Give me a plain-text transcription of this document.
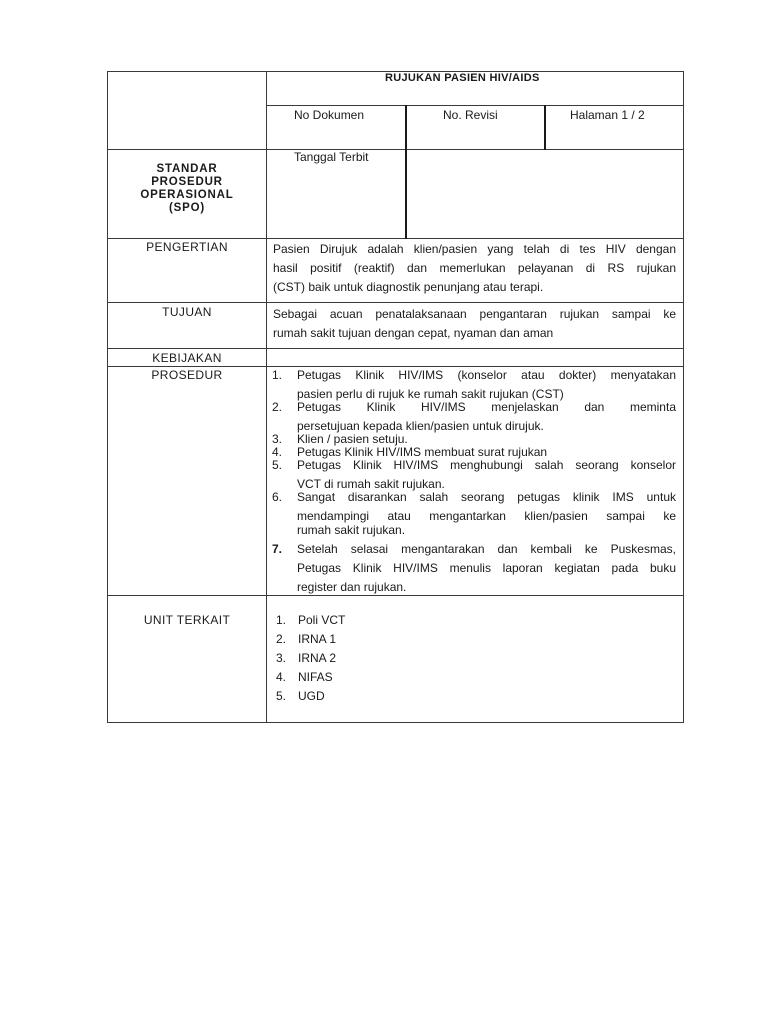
RUJUKAN PASIEN HIV/AIDS
No Dokumen	No. Revisi	Halaman 1 / 2
Tanggal Terbit
STANDAR
PROSEDUR
OPERASIONAL
(SPO)
PENGERTIAN	Pasien Dirujuk adalah klien/pasien yang telah di tes HIV dengan
hasil positif (reaktif) dan memerlukan pelayanan di RS rujukan
(CST) baik untuk diagnostik penunjang atau terapi.
TUJUAN	Sebagai acuan penatalaksanaan pengantaran rujukan sampai ke
rumah sakit tujuan dengan cepat, nyaman dan aman
KEBIJAKAN
PROSEDUR	1.	Petugas Klinik HIV/IMS (konselor atau dokter) menyatakan
pasien perlu di rujuk ke rumah sakit rujukan (CST)
2.	Petugas Klinik HIV/IMS menjelaskan dan meminta
persetujuan kepada klien/pasien untuk dirujuk.
3.	Klien / pasien setuju.
4.	Petugas Klinik HIV/IMS membuat surat rujukan
5.	Petugas Klinik HIV/IMS menghubungi salah seorang konselor
VCT di rumah sakit rujukan.
6.	Sangat disarankan salah seorang petugas klinik IMS untuk
mendampingi atau mengantarkan klien/pasien sampai ke
rumah sakit rujukan.
7.	Setelah selasai mengantarakan dan kembali ke Puskesmas,
Petugas Klinik HIV/IMS menulis laporan kegiatan pada buku
register dan rujukan.
UNIT TERKAIT	1. Poli VCT
2. IRNA 1
3. IRNA 2
4. NIFAS
5. UGD
